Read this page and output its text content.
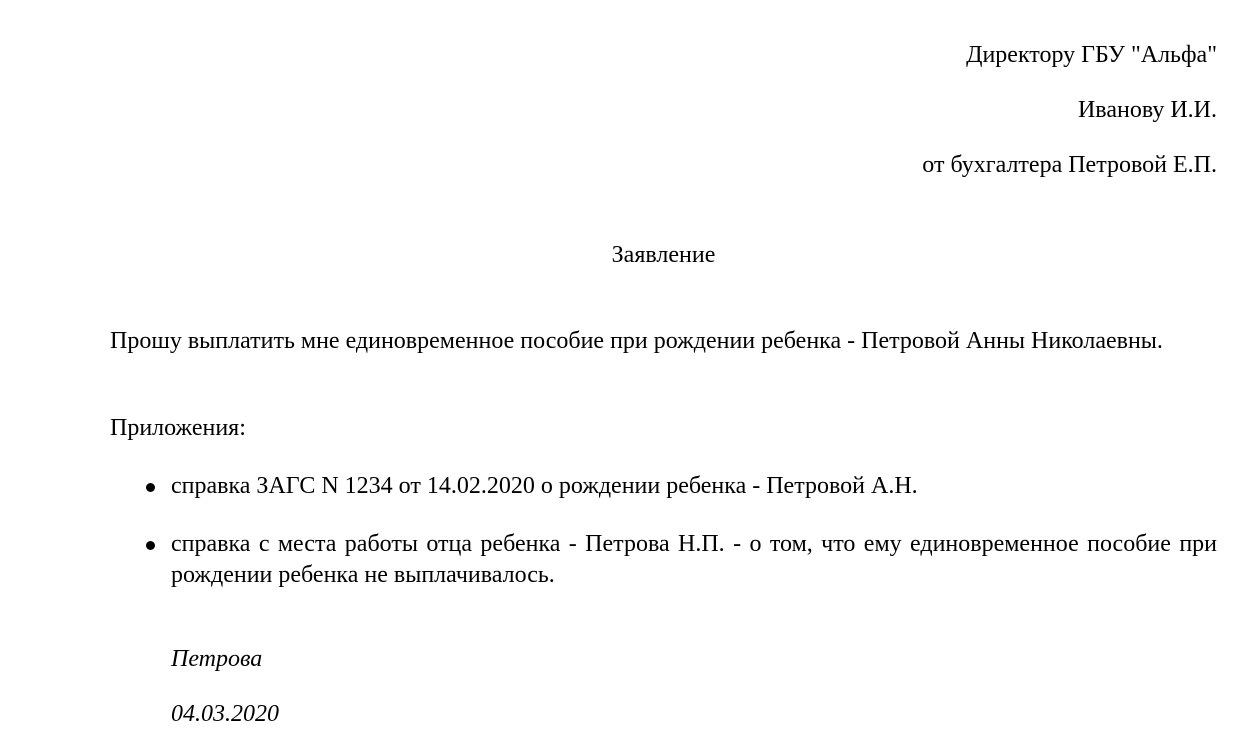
Директору ГБУ "Альфа"
Иванову И.И.
от бухгалтера Петровой Е.П.
Заявление

Прошу выплатить мне единовременное пособие при рождении ребенка - Петровой Анны Николаевны.

Приложения:
справка ЗАГС N 1234 от 14.02.2020 о рождении ребенка - Петровой А.Н.
справка с места работы отца ребенка - Петрова Н.П. - о том, что ему единовременное пособие при рождении ребенка не выплачивалось.
Петрова
04.03.2020
